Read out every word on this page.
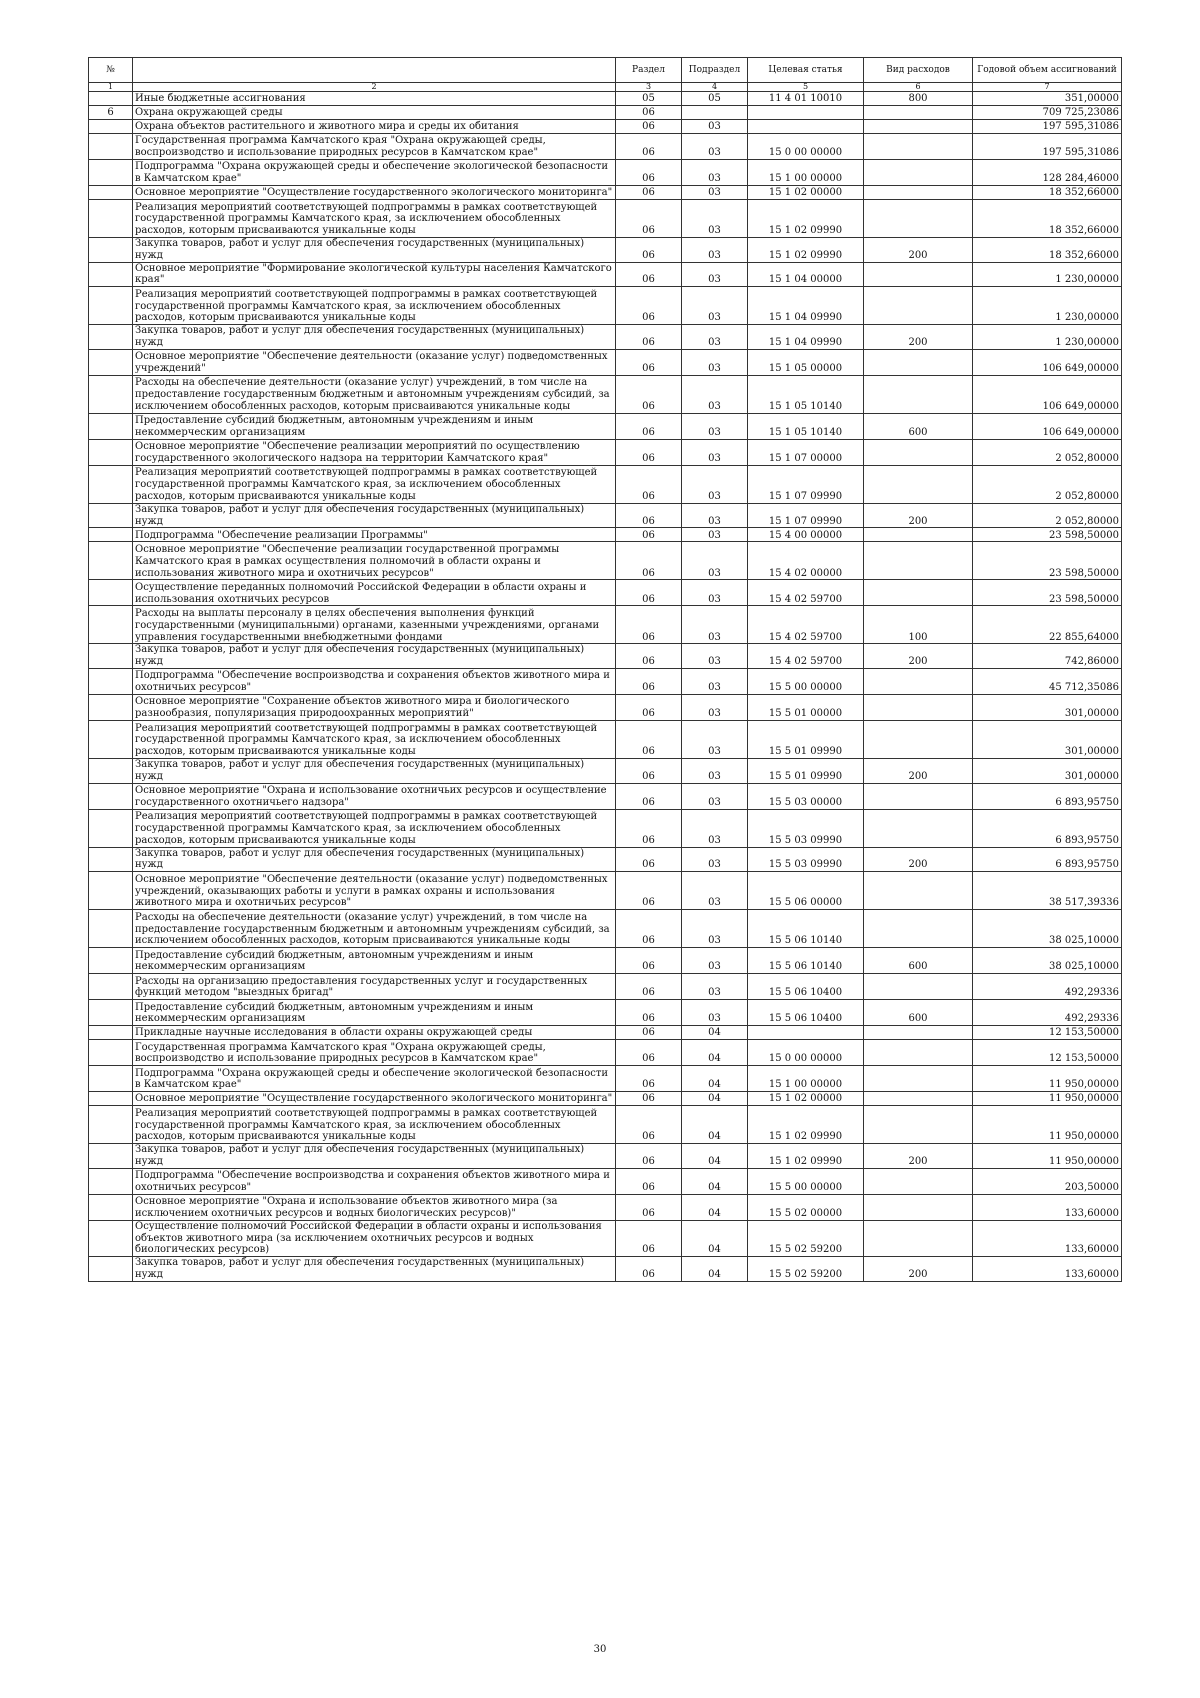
№		Раздел	Подраздел	Целевая статья	Вид расходов	Годовой объем ассигнований
1	2	3	4	5	6	7
	Иные бюджетные ассигнования	05	05	11 4 01 10010	800	351,00000
6	Охрана окружающей среды	06				709 725,23086
	Охрана объектов растительного и животного мира и среды их обитания	06	03			197 595,31086
	Государственная программа Камчатского края "Охрана окружающей среды, воспроизводство и использование природных ресурсов в Камчатском крае"	06	03	15 0 00 00000		197 595,31086
	Подпрограмма "Охрана окружающей среды и обеспечение экологической безопасности в Камчатском крае"	06	03	15 1 00 00000		128 284,46000
	Основное мероприятие "Осуществление государственного экологического мониторинга"	06	03	15 1 02 00000		18 352,66000
	Реализация мероприятий соответствующей подпрограммы в рамках соответствующей государственной программы Камчатского края, за исключением обособленных расходов, которым присваиваются уникальные коды	06	03	15 1 02 09990		18 352,66000
	Закупка товаров, работ и услуг для обеспечения государственных (муниципальных) нужд	06	03	15 1 02 09990	200	18 352,66000
	Основное мероприятие "Формирование экологической культуры населения Камчатского края"	06	03	15 1 04 00000		1 230,00000
	Реализация мероприятий соответствующей подпрограммы в рамках соответствующей государственной программы Камчатского края, за исключением обособленных расходов, которым присваиваются уникальные коды	06	03	15 1 04 09990		1 230,00000
	Закупка товаров, работ и услуг для обеспечения государственных (муниципальных) нужд	06	03	15 1 04 09990	200	1 230,00000
	Основное мероприятие "Обеспечение деятельности (оказание услуг) подведомственных учреждений"	06	03	15 1 05 00000		106 649,00000
	Расходы на обеспечение деятельности (оказание услуг) учреждений, в том числе на предоставление государственным бюджетным и автономным учреждениям субсидий, за исключением обособленных расходов, которым присваиваются уникальные коды	06	03	15 1 05 10140		106 649,00000
	Предоставление субсидий бюджетным, автономным учреждениям и иным некоммерческим организациям	06	03	15 1 05 10140	600	106 649,00000
	Основное мероприятие "Обеспечение реализации мероприятий по осуществлению государственного экологического надзора на территории Камчатского края"	06	03	15 1 07 00000		2 052,80000
	Реализация мероприятий соответствующей подпрограммы в рамках соответствующей государственной программы Камчатского края, за исключением обособленных расходов, которым присваиваются уникальные коды	06	03	15 1 07 09990		2 052,80000
	Закупка товаров, работ и услуг для обеспечения государственных (муниципальных) нужд	06	03	15 1 07 09990	200	2 052,80000
	Подпрограмма "Обеспечение реализации Программы"	06	03	15 4 00 00000		23 598,50000
	Основное мероприятие "Обеспечение реализации государственной программы Камчатского края в рамках осуществления полномочий в области охраны и использования животного мира и охотничьих ресурсов"	06	03	15 4 02 00000		23 598,50000
	Осуществление переданных полномочий Российской Федерации в области охраны и использования охотничьих ресурсов	06	03	15 4 02 59700		23 598,50000
	Расходы на выплаты персоналу в целях обеспечения выполнения функций государственными (муниципальными) органами, казенными учреждениями, органами управления государственными внебюджетными фондами	06	03	15 4 02 59700	100	22 855,64000
	Закупка товаров, работ и услуг для обеспечения государственных (муниципальных) нужд	06	03	15 4 02 59700	200	742,86000
	Подпрограмма "Обеспечение воспроизводства и сохранения объектов животного мира и охотничьих ресурсов"	06	03	15 5 00 00000		45 712,35086
	Основное мероприятие "Сохранение объектов животного мира и биологического разнообразия, популяризация природоохранных мероприятий"	06	03	15 5 01 00000		301,00000
	Реализация мероприятий соответствующей подпрограммы в рамках соответствующей государственной программы Камчатского края, за исключением обособленных расходов, которым присваиваются уникальные коды	06	03	15 5 01 09990		301,00000
	Закупка товаров, работ и услуг для обеспечения государственных (муниципальных) нужд	06	03	15 5 01 09990	200	301,00000
	Основное мероприятие "Охрана и использование охотничьих ресурсов и осуществление государственного охотничьего надзора"	06	03	15 5 03 00000		6 893,95750
	Реализация мероприятий соответствующей подпрограммы в рамках соответствующей государственной программы Камчатского края, за исключением обособленных расходов, которым присваиваются уникальные коды	06	03	15 5 03 09990		6 893,95750
	Закупка товаров, работ и услуг для обеспечения государственных (муниципальных) нужд	06	03	15 5 03 09990	200	6 893,95750
	Основное мероприятие "Обеспечение деятельности (оказание услуг) подведомственных учреждений, оказывающих работы и услуги в рамках охраны и использования животного мира и охотничьих ресурсов"	06	03	15 5 06 00000		38 517,39336
	Расходы на обеспечение деятельности (оказание услуг) учреждений, в том числе на предоставление государственным бюджетным и автономным учреждениям субсидий, за исключением обособленных расходов, которым присваиваются уникальные коды	06	03	15 5 06 10140		38 025,10000
	Предоставление субсидий бюджетным, автономным учреждениям и иным некоммерческим организациям	06	03	15 5 06 10140	600	38 025,10000
	Расходы на организацию предоставления государственных услуг и государственных функций методом "выездных бригад"	06	03	15 5 06 10400		492,29336
	Предоставление субсидий бюджетным, автономным учреждениям и иным некоммерческим организациям	06	03	15 5 06 10400	600	492,29336
	Прикладные научные исследования в области охраны окружающей среды	06	04			12 153,50000
	Государственная программа Камчатского края "Охрана окружающей среды, воспроизводство и использование природных ресурсов в Камчатском крае"	06	04	15 0 00 00000		12 153,50000
	Подпрограмма "Охрана окружающей среды и обеспечение экологической безопасности в Камчатском крае"	06	04	15 1 00 00000		11 950,00000
	Основное мероприятие "Осуществление государственного экологического мониторинга"	06	04	15 1 02 00000		11 950,00000
	Реализация мероприятий соответствующей подпрограммы в рамках соответствующей государственной программы Камчатского края, за исключением обособленных расходов, которым присваиваются уникальные коды	06	04	15 1 02 09990		11 950,00000
	Закупка товаров, работ и услуг для обеспечения государственных (муниципальных) нужд	06	04	15 1 02 09990	200	11 950,00000
	Подпрограмма "Обеспечение воспроизводства и сохранения объектов животного мира и охотничьих ресурсов"	06	04	15 5 00 00000		203,50000
	Основное мероприятие "Охрана и использование объектов животного мира (за исключением охотничьих ресурсов и водных биологических ресурсов)"	06	04	15 5 02 00000		133,60000
	Осуществление полномочий Российской Федерации в области охраны и использования объектов животного мира (за исключением охотничьих ресурсов и водных биологических ресурсов)	06	04	15 5 02 59200		133,60000
	Закупка товаров, работ и услуг для обеспечения государственных (муниципальных) нужд	06	04	15 5 02 59200	200	133,60000
30
